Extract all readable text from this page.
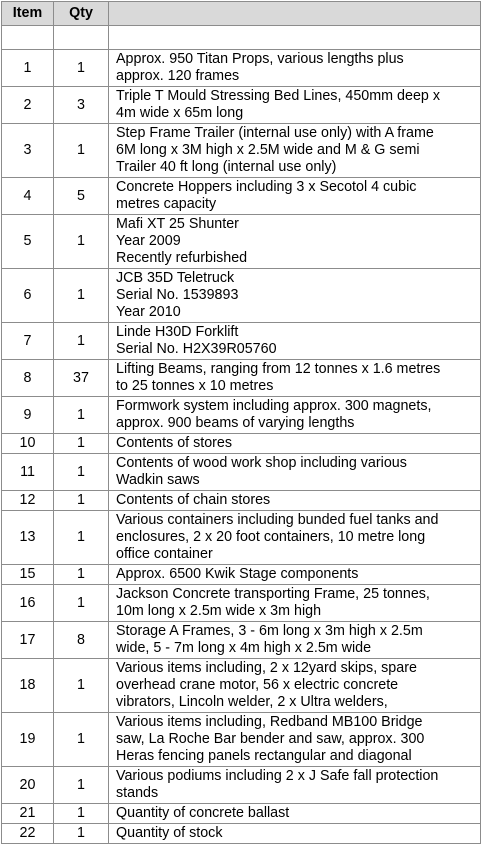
Item	Qty	

1	1	Approx. 950 Titan Props, various lengths plus
approx. 120 frames
2	3	Triple T Mould Stressing Bed Lines, 450mm deep x
4m wide x 65m long
3	1	Step Frame Trailer (internal use only) with A frame
6M long x 3M high x 2.5M wide and M & G semi
Trailer 40 ft long (internal use only)
4	5	Concrete Hoppers including 3 x Secotol 4 cubic
metres capacity
5	1	Mafi XT 25 Shunter
Year 2009
Recently refurbished
6	1	JCB 35D Teletruck
Serial No. 1539893
Year 2010
7	1	Linde H30D Forklift
Serial No. H2X39R05760
8	37	Lifting Beams, ranging from 12 tonnes x 1.6 metres
to 25 tonnes x 10 metres
9	1	Formwork system including approx. 300 magnets,
approx. 900 beams of varying lengths
10	1	Contents of stores
11	1	Contents of wood work shop including various
Wadkin saws
12	1	Contents of chain stores
13	1	Various containers including bunded fuel tanks and
enclosures, 2 x 20 foot containers, 10 metre long
office container
15	1	Approx. 6500 Kwik Stage components
16	1	Jackson Concrete transporting Frame, 25 tonnes,
10m long x 2.5m wide x 3m high
17	8	Storage A Frames, 3 - 6m long x 3m high x 2.5m
wide, 5 - 7m long x 4m high x 2.5m wide
18	1	Various items including, 2 x 12yard skips, spare
overhead crane motor, 56 x electric concrete
vibrators, Lincoln welder, 2 x Ultra welders,
19	1	Various items including, Redband MB100 Bridge
saw, La Roche Bar bender and saw, approx. 300
Heras fencing panels rectangular and diagonal
20	1	Various podiums including 2 x J Safe fall protection
stands
21	1	Quantity of concrete ballast
22	1	Quantity of stock
